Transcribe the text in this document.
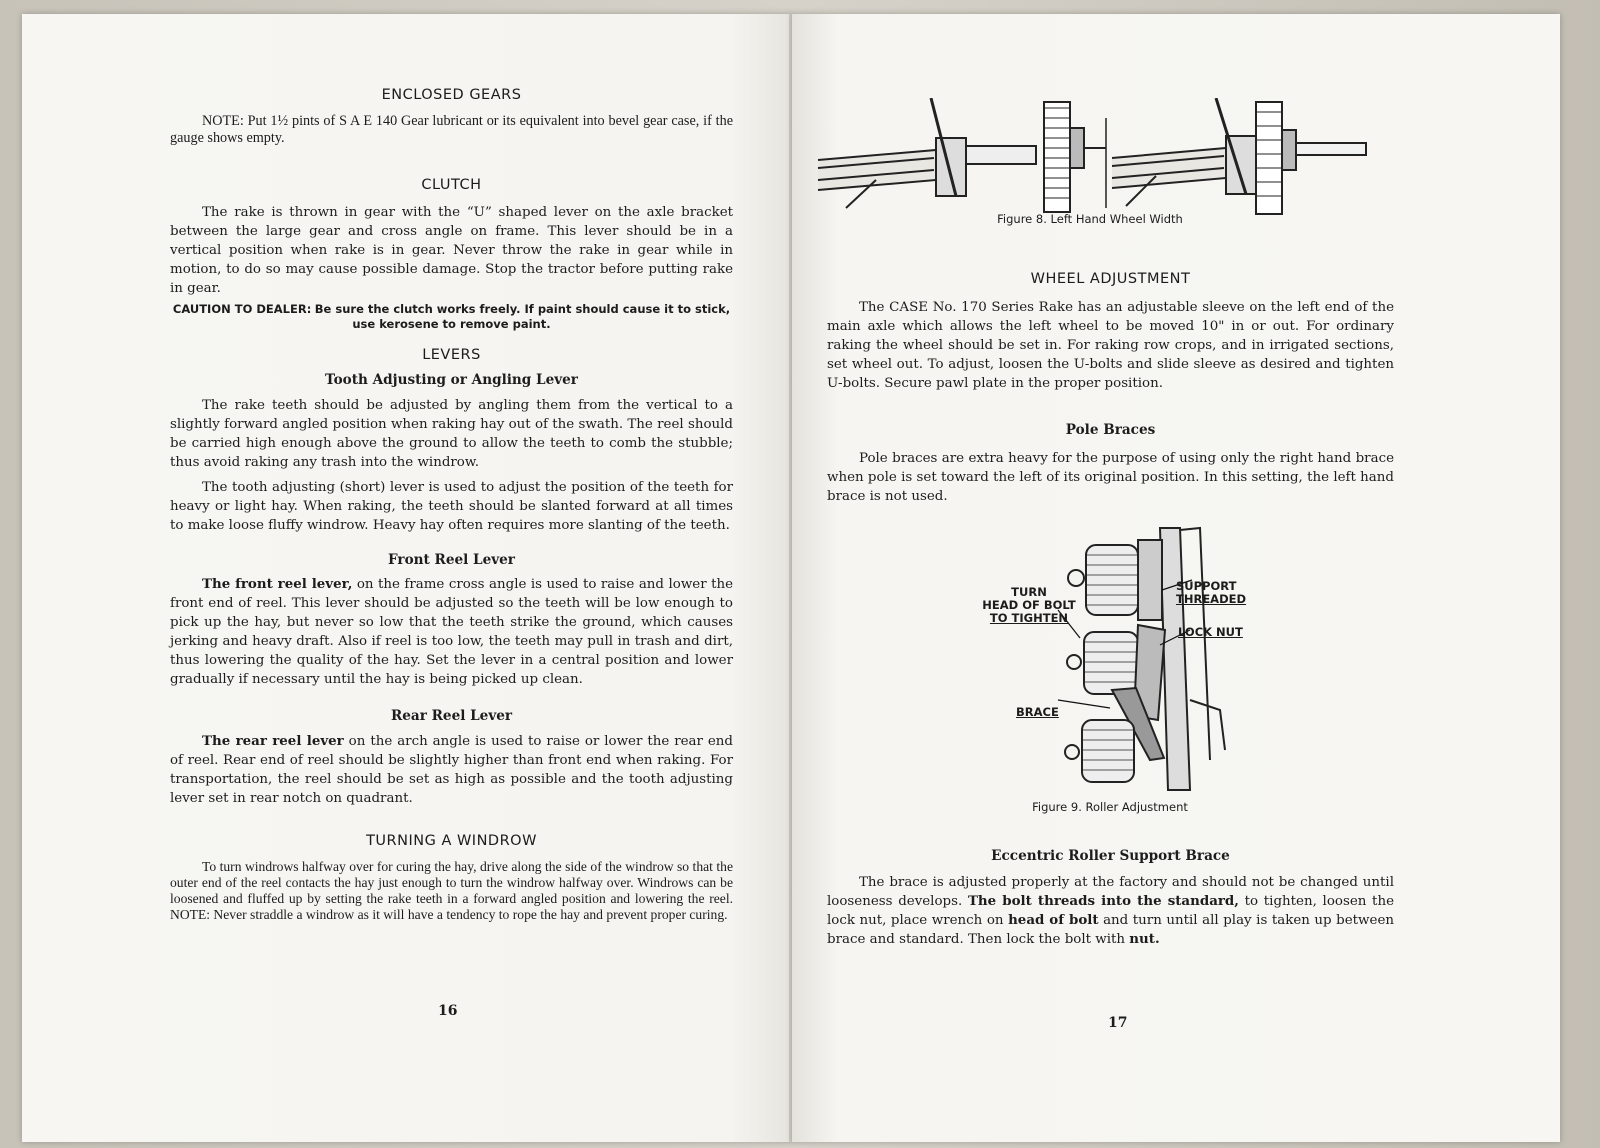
ENCLOSED GEARS

NOTE: Put 1½ pints of S A E 140 Gear lubricant or its equivalent into bevel gear case, if the gauge shows empty.

CLUTCH

The rake is thrown in gear with the “U” shaped lever on the axle bracket between the large gear and cross angle on frame. This lever should be in a vertical position when rake is in gear. Never throw the rake in gear while in motion, to do so may cause possible damage. Stop the tractor before putting rake in gear.

CAUTION TO DEALER: Be sure the clutch works freely. If paint should cause it to stick, use kerosene to remove paint.

LEVERS
Tooth Adjusting or Angling Lever

The rake teeth should be adjusted by angling them from the vertical to a slightly forward angled position when raking hay out of the swath. The reel should be carried high enough above the ground to allow the teeth to comb the stubble; thus avoid raking any trash into the windrow.

The tooth adjusting (short) lever is used to adjust the position of the teeth for heavy or light hay. When raking, the teeth should be slanted forward at all times to make loose fluffy windrow. Heavy hay often requires more slanting of the teeth.

Front Reel Lever

The front reel lever, on the frame cross angle is used to raise and lower the front end of reel. This lever should be adjusted so the teeth will be low enough to pick up the hay, but never so low that the teeth strike the ground, which causes jerking and heavy draft. Also if reel is too low, the teeth may pull in trash and dirt, thus lowering the quality of the hay. Set the lever in a central position and lower gradually if necessary until the hay is being picked up clean.

Rear Reel Lever

The rear reel lever on the arch angle is used to raise or lower the rear end of reel. Rear end of reel should be slightly higher than front end when raking. For transportation, the reel should be set as high as possible and the tooth adjusting lever set in rear notch on quadrant.

TURNING A WINDROW

To turn windrows halfway over for curing the hay, drive along the side of the windrow so that the outer end of the reel contacts the hay just enough to turn the windrow halfway over. Windrows can be loosened and fluffed up by setting the rake teeth in a forward angled position and lowering the reel. NOTE: Never straddle a windrow as it will have a tendency to rope the hay and prevent proper curing.

16
Figure 8. Left Hand Wheel Width
WHEEL ADJUSTMENT

The CASE No. 170 Series Rake has an adjustable sleeve on the left end of the main axle which allows the left wheel to be moved 10" in or out. For ordinary raking the wheel should be set in. For raking row crops, and in irrigated sections, set wheel out. To adjust, loosen the U-bolts and slide sleeve as desired and tighten U-bolts. Secure pawl plate in the proper position.

Pole Braces

Pole braces are extra heavy for the purpose of using only the right hand brace when pole is set toward the left of its original position. In this setting, the left hand brace is not used.

Eccentric Roller Support Brace

The brace is adjusted properly at the factory and should not be changed until looseness develops. The bolt threads into the standard, to tighten, loosen the lock nut, place wrench on head of bolt and turn until all play is taken up between brace and standard. Then lock the bolt with nut.

TURN
HEAD OF BOLT
TO TIGHTEN
SUPPORT
THREADED
LOCK NUT
BRACE
Figure 9. Roller Adjustment
17
